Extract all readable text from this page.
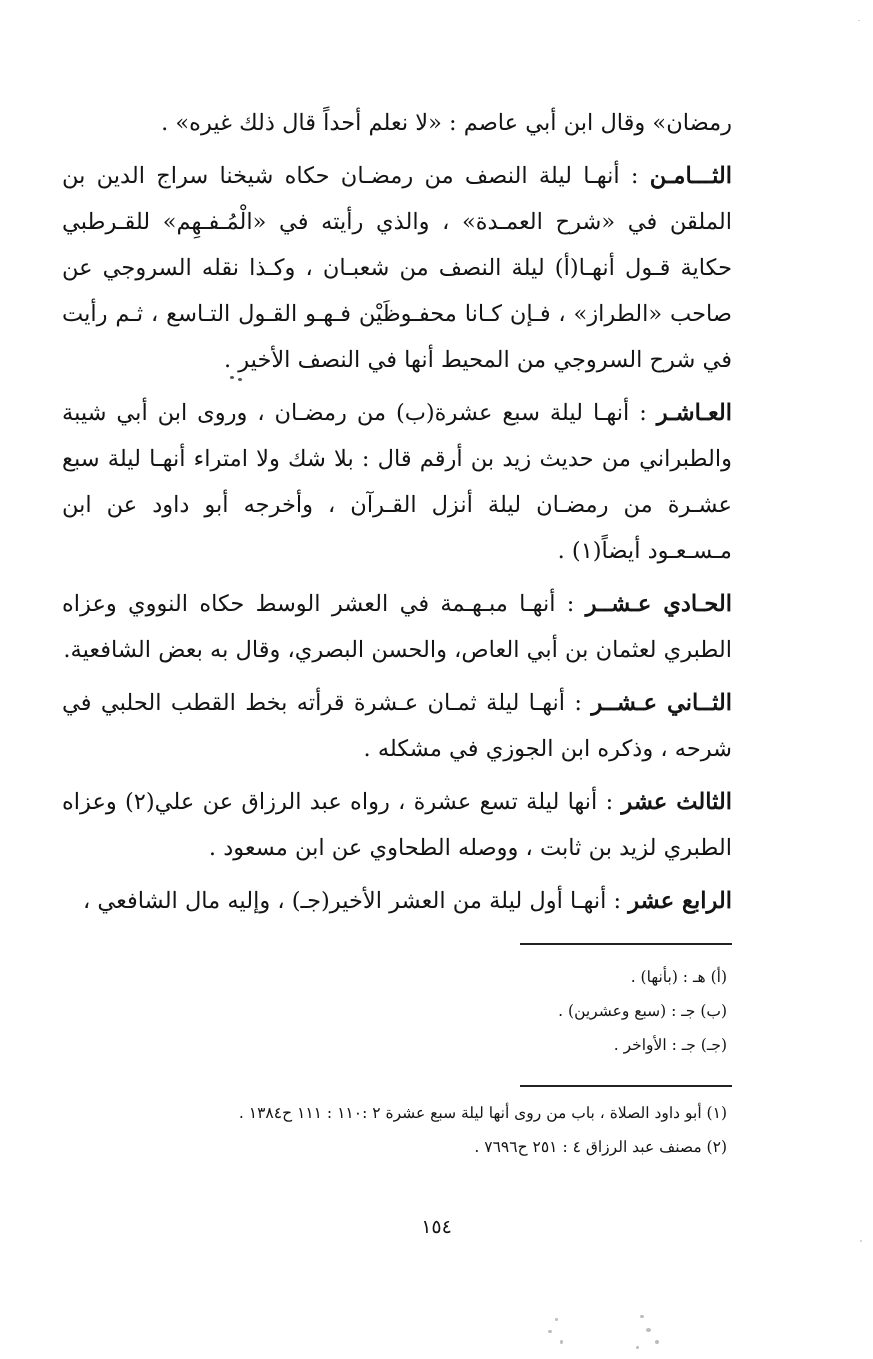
رمضان» وقال ابن أبي عاصم : «لا نعلم أحداً قال ذلك غيره» .

الثـــامـن : أنهـا ليلة النصف من رمضـان حكاه شيخنا سراج الدين بن الملقن في «شرح العمـدة» ، والذي رأيته في «الْمُـفـهِم» للقـرطبي حكاية قـول أنهـا(أ) ليلة النصف من شعبـان ، وكـذا نقله السروجي عن صاحب «الطراز» ، فـإن كـانا محفـوظَيْن فـهـو القـول التـاسع ، ثـم رأيت في شرح السروجي من المحيط أنها في النصف الأخير .

العـاشـر : أنهـا ليلة سبع عشرة(ب) من رمضـان ، وروى ابن أبي شيبة والطبراني من حديث زيد بن أرقم قال : بلا شك ولا امتراء أنهـا ليلة سبع عشـرة من رمضـان ليلة أنزل القـرآن ، وأخرجه أبو داود عن ابن مـسـعـود أيضاً(١) .

الحـادي عـشــر : أنهـا مبـهـمة في العشر الوسط حكاه النووي وعزاه الطبري لعثمان بن أبي العاص، والحسن البصري، وقال به بعض الشافعية.

الثــاني عـشــر : أنهـا ليلة ثمـان عـشرة قرأته بخط القطب الحلبي في شرحه ، وذكره ابن الجوزي في مشكله .

الثالث عشر : أنها ليلة تسع عشرة ، رواه عبد الرزاق عن علي(٢) وعزاه الطبري لزيد بن ثابت ، ووصله الطحاوي عن ابن مسعود .

الرابع عشر : أنهـا أول ليلة من العشر الأخير(جـ) ، وإليه مال الشافعي ،

(أ) هـ : (بأنها) .

(ب) جـ : (سبع وعشرين) .

(جـ) جـ : الأواخر .

(١) أبو داود الصلاة ، باب من روى أنها ليلة سبع عشرة ٢ :١١٠ : ١١١ ح١٣٨٤ .

(٢) مصنف عبد الرزاق ٤ : ٢٥١ ح٧٦٩٦ .

١٥٤
